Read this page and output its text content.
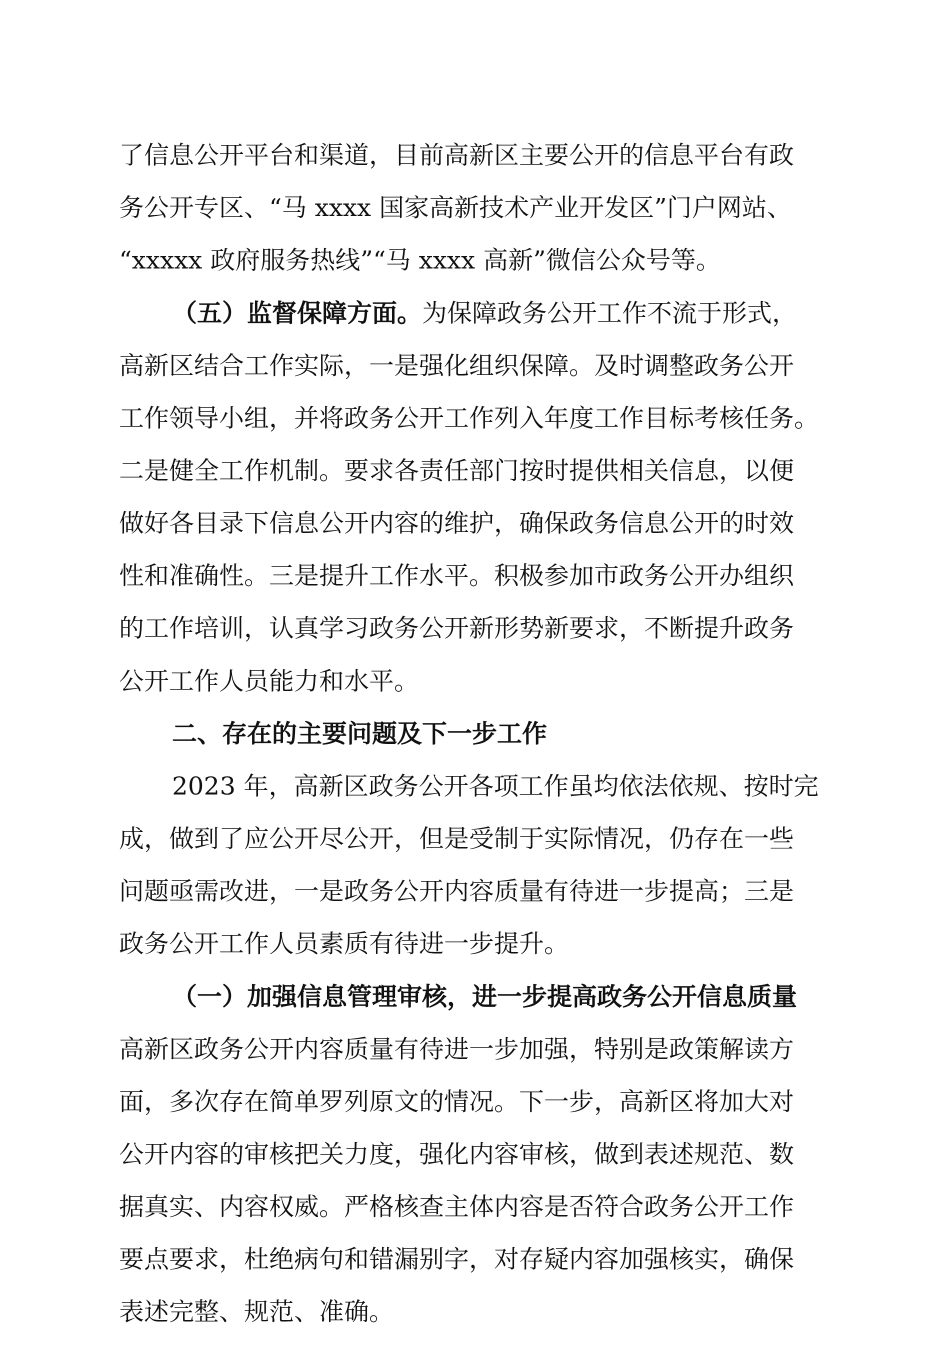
了信息公开平台和渠道，目前高新区主要公开的信息平台有政

务公开专区、“马 xxxx 国家高新技术产业开发区”门户网站、

“xxxxx 政府服务热线”“马 xxxx 高新”微信公众号等。

（五）监督保障方面。

为保障政务公开工作不流于形式，

高新区结合工作实际，一是强化组织保障。及时调整政务公开

工作领导小组，并将政务公开工作列入年度工作目标考核任务。

二是健全工作机制。要求各责任部门按时提供相关信息，以便

做好各目录下信息公开内容的维护，确保政务信息公开的时效

性和准确性。三是提升工作水平。积极参加市政务公开办组织

的工作培训，认真学习政务公开新形势新要求，不断提升政务

公开工作人员能力和水平。

二、存在的主要问题及下一步工作

2023 年，高新区政务公开各项工作虽均依法依规、按时完

成，做到了应公开尽公开，但是受制于实际情况，仍存在一些

问题亟需改进，一是政务公开内容质量有待进一步提高；三是

政务公开工作人员素质有待进一步提升。

（一）加强信息管理审核，进一步提高政务公开信息质量

高新区政务公开内容质量有待进一步加强，特别是政策解读方

面，多次存在简单罗列原文的情况。下一步，高新区将加大对

公开内容的审核把关力度，强化内容审核，做到表述规范、数

据真实、内容权威。严格核查主体内容是否符合政务公开工作

要点要求，杜绝病句和错漏别字，对存疑内容加强核实，确保

表述完整、规范、准确。
